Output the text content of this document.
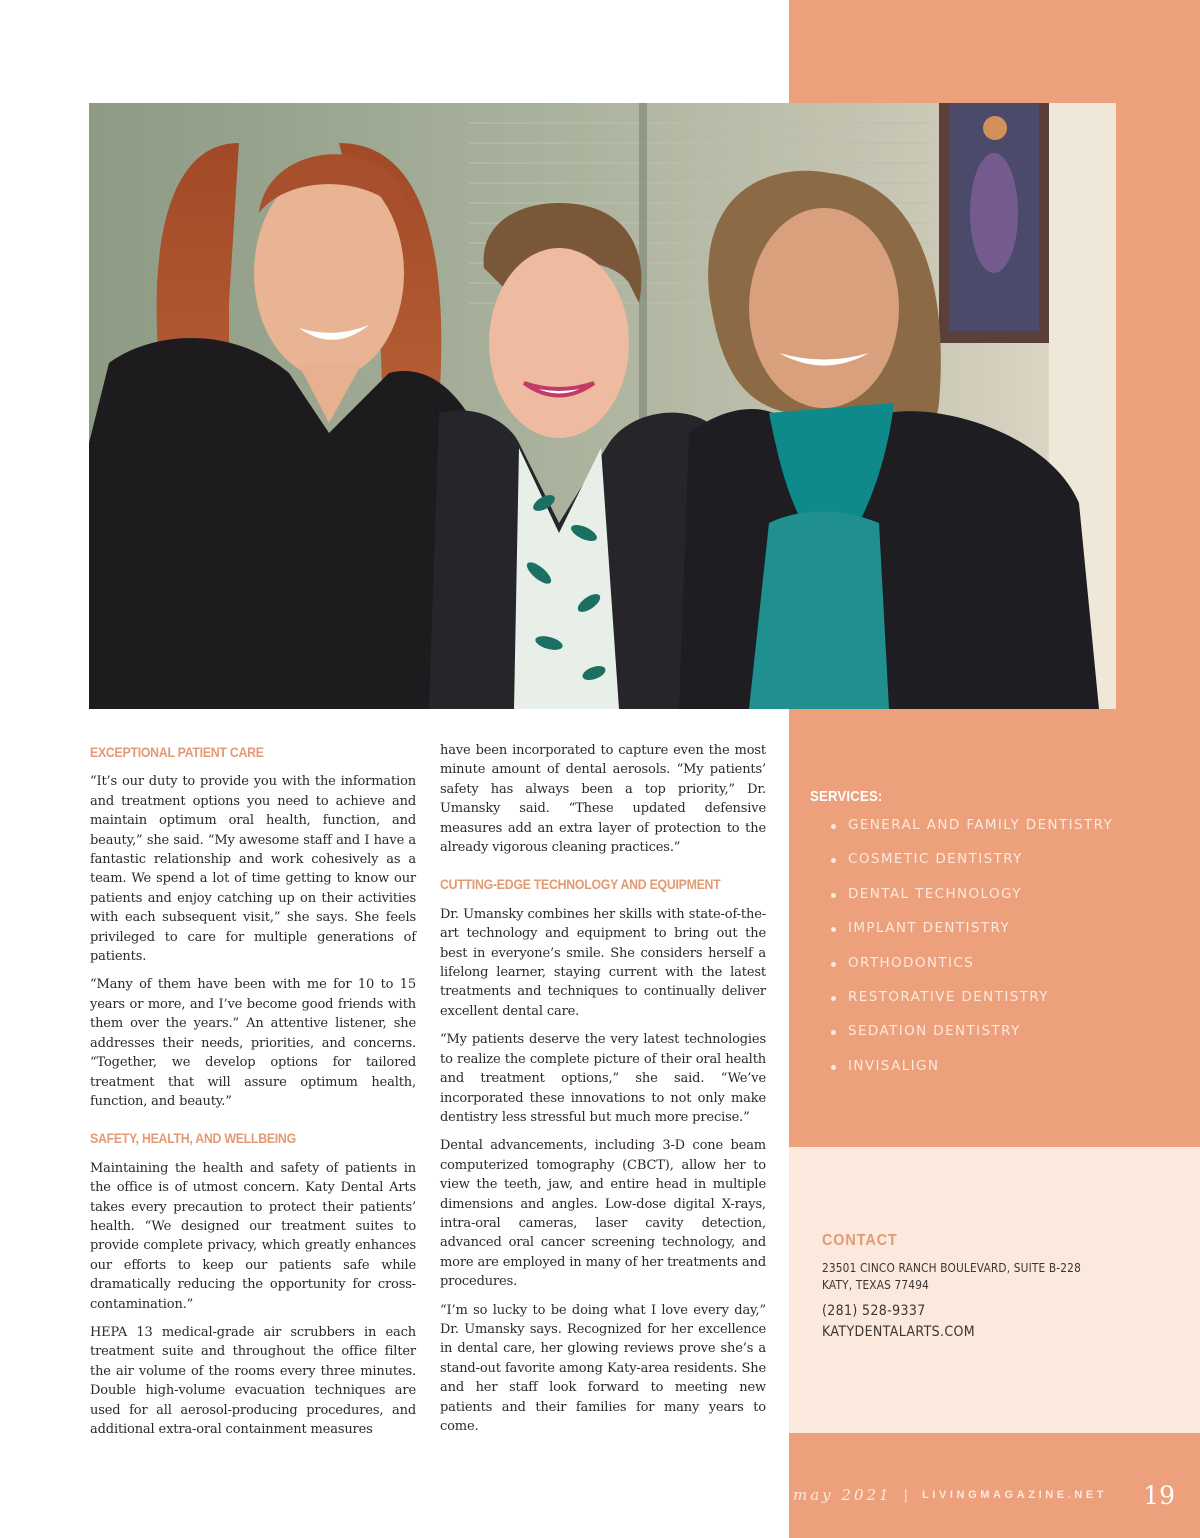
EXCEPTIONAL PATIENT CARE

“It’s our duty to provide you with the information and treatment options you need to achieve and maintain optimum oral health, function, and beauty,” she said. “My awesome staff and I have a fantastic relationship and work cohesively as a team. We spend a lot of time getting to know our patients and enjoy catching up on their activities with each subsequent visit,” she says. She feels privileged to care for multiple generations of patients.

“Many of them have been with me for 10 to 15 years or more, and I’ve become good friends with them over the years.” An attentive listener, she addresses their needs, priorities, and concerns. “Together, we develop options for tailored treatment that will assure optimum health, function, and beauty.”

SAFETY, HEALTH, AND WELLBEING

Maintaining the health and safety of patients in the office is of utmost concern. Katy Dental Arts takes every precaution to protect their patients’ health. “We designed our treatment suites to provide complete privacy, which greatly enhances our efforts to keep our patients safe while dramatically reducing the opportunity for cross-contamination.”

HEPA 13 medical-grade air scrubbers in each treatment suite and throughout the office filter the air volume of the rooms every three minutes. Double high-volume evacuation techniques are used for all aerosol-producing procedures, and additional extra-oral containment measures

have been incorporated to capture even the most minute amount of dental aerosols. “My patients’ safety has always been a top priority,” Dr. Umansky said. “These updated defensive measures add an extra layer of protection to the already vigorous cleaning practices.”

CUTTING-EDGE TECHNOLOGY AND EQUIPMENT

Dr. Umansky combines her skills with state-of-the-art technology and equipment to bring out the best in everyone’s smile. She considers herself a lifelong learner, staying current with the latest treatments and techniques to continually deliver excellent dental care.

“My patients deserve the very latest technologies to realize the complete picture of their oral health and treatment options,” she said. “We’ve incorporated these innovations to not only make dentistry less stressful but much more precise.”

Dental advancements, including 3-D cone beam computerized tomography (CBCT), allow her to view the teeth, jaw, and entire head in multiple dimensions and angles. Low-dose digital X-rays, intra-oral cameras, laser cavity detection, advanced oral cancer screening technology, and more are employed in many of her treatments and procedures.

“I’m so lucky to be doing what I love every day,” Dr. Umansky says. Recognized for her excellence in dental care, her glowing reviews prove she’s a stand-out favorite among Katy-area residents. She and her staff look forward to meeting new patients and their families for many years to come.

SERVICES:
GENERAL AND FAMILY DENTISTRY
COSMETIC DENTISTRY
DENTAL TECHNOLOGY
IMPLANT DENTISTRY
ORTHODONTICS
RESTORATIVE DENTISTRY
SEDATION DENTISTRY
INVISALIGN
CONTACT
23501 CINCO RANCH BOULEVARD, SUITE B-228
KATY, TEXAS 77494
(281) 528-9337
KATYDENTALARTS.COM
may 2021 | LIVINGMAGAZINE.NET 19
